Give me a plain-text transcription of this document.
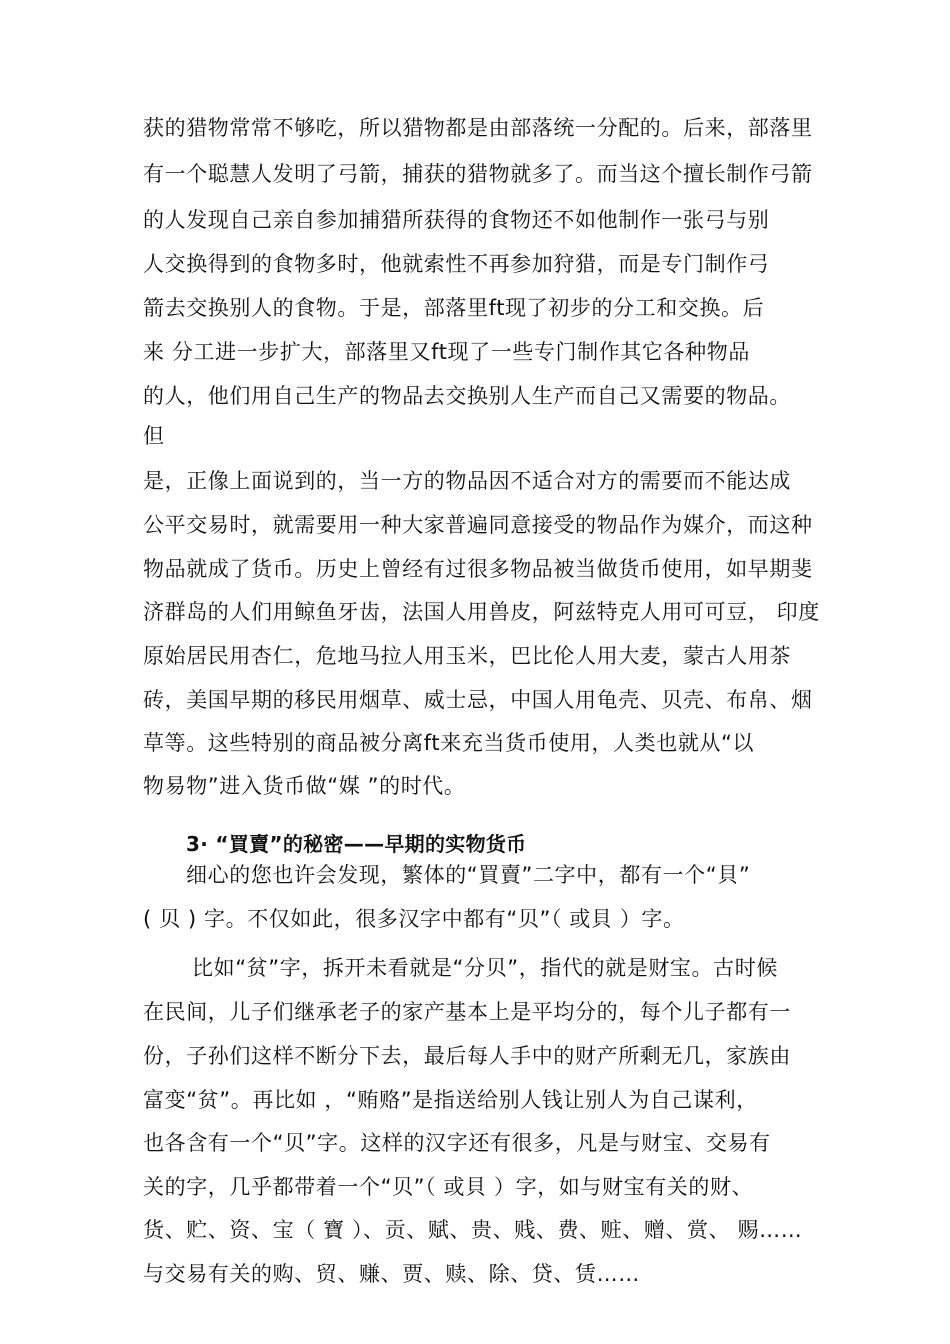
获的猎物常常不够吃，所以猎物都是由部落统一分配的。后来，部落里
有一个聪慧人发明了弓箭，捕获的猎物就多了。而当这个擅长制作弓箭
的人发现自己亲自参加捕猎所获得的食物还不如他制作一张弓与别
人交换得到的食物多时，他就索性不再参加狩猎，而是专门制作弓
箭去交换别人的食物。于是，部落里ft现了初步的分工和交换。后
来 分工进一步扩大，部落里又ft现了一些专门制作其它各种物品
的人，他们用自己生产的物品去交换别人生产而自己又需要的物品。
但
是，正像上面说到的，当一方的物品因不适合对方的需要而不能达成
公平交易时，就需要用一种大家普遍同意接受的物品作为媒介，而这种
物品就成了货币。历史上曾经有过很多物品被当做货币使用，如早期斐
济群岛的人们用鲸鱼牙齿，法国人用兽皮，阿兹特克人用可可豆， 印度
原始居民用杏仁，危地马拉人用玉米，巴比伦人用大麦，蒙古人用茶
砖，美国早期的移民用烟草、威士忌，中国人用龟壳、贝壳、布帛、烟
草等。这些特别的商品被分离ft来充当货币使用，人类也就从“以
物易物”进入货币做“媒 ”的时代。
3· “買賣”的秘密——早期的实物货币
细心的您也许会发现，繁体的“買賣”二字中，都有一个“貝”
( 贝 ) 字。不仅如此，很多汉字中都有“贝”（ 或貝 ）字。
比如“贫”字，拆开未看就是“分贝”，指代的就是财宝。古时候
在民间，儿子们继承老子的家产基本上是平均分的，每个儿子都有一
份，子孙们这样不断分下去，最后每人手中的财产所剩无几，家族由
富变“贫”。再比如 ，“贿赂”是指送给别人钱让别人为自己谋利，
也各含有一个“贝”字。这样的汉字还有很多，凡是与财宝、交易有
关的字，几乎都带着一个“贝”（ 或貝 ）字，如与财宝有关的财、
货、贮、资、宝（ 寶 ）、贡、赋、贵、贱、费、赃、赠、赏、 赐……
与交易有关的购、贸、赚、贾、赎、除、贷、赁……
